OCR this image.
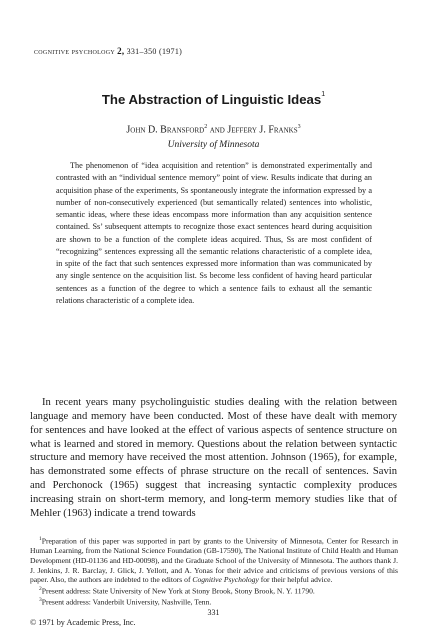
cognitive psychology 2, 331–350 (1971)
The Abstraction of Linguistic Ideas$^1$
John D. Bransford$^2$ and Jeffery J. Franks$^3$
University of Minnesota
The phenomenon of “idea acquisition and retention” is demonstrated experimentally and contrasted with an “individual sentence memory” point of view. Results indicate that during an acquisition phase of the experiments, Ss spontaneously integrate the information expressed by a number of non-consecutively experienced (but semantically related) sentences into wholistic, semantic ideas, where these ideas encompass more information than any acquisition sentence contained. Ss’ subsequent attempts to recognize those exact sentences heard during acquisition are shown to be a function of the complete ideas acquired. Thus, Ss are most confident of “recognizing” sentences expressing all the semantic relations characteristic of a complete idea, in spite of the fact that such sentences expressed more information than was communicated by any single sentence on the acquisition list. Ss become less confident of having heard particular sentences as a function of the degree to which a sentence fails to exhaust all the semantic relations characteristic of a complete idea.
In recent years many psycholinguistic studies dealing with the relation between language and memory have been conducted. Most of these have dealt with memory for sentences and have looked at the effect of various aspects of sentence structure on what is learned and stored in memory. Questions about the relation between syntactic structure and memory have received the most attention. Johnson (1965), for example, has demonstrated some effects of phrase structure on the recall of sentences. Savin and Perchonock (1965) suggest that increasing syntactic complexity produces increasing strain on short-term memory, and long-term memory studies like that of Mehler (1963) indicate a trend towards

$^1$Preparation of this paper was supported in part by grants to the University of Minnesota, Center for Research in Human Learning, from the National Science Foundation (GB-17590), The National Institute of Child Health and Human Development (HD-01136 and HD-00098), and the Graduate School of the University of Minnesota. The authors thank J. J. Jenkins, J. R. Barclay, J. Glick, J. Yellott, and A. Yonas for their advice and criticisms of previous versions of this paper. Also, the authors are indebted to the editors of Cognitive Psychology for their helpful advice.

$^2$Present address: State University of New York at Stony Brook, Stony Brook, N. Y. 11790.

$^3$Present address: Vanderbilt University, Nashville, Tenn.

331
© 1971 by Academic Press, Inc.
